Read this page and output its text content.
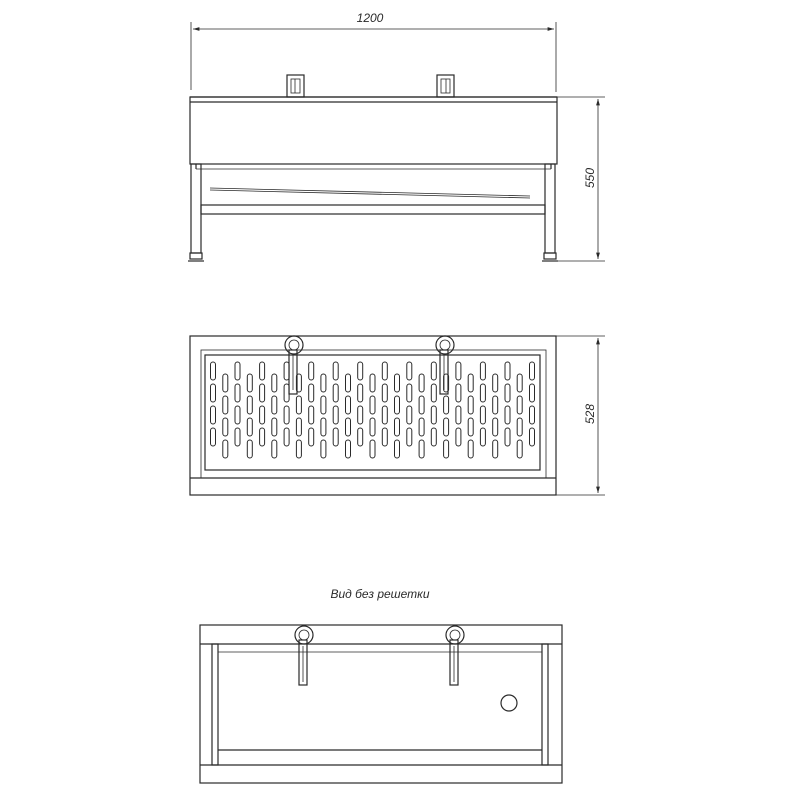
1200
550
528
Вид без решетки
